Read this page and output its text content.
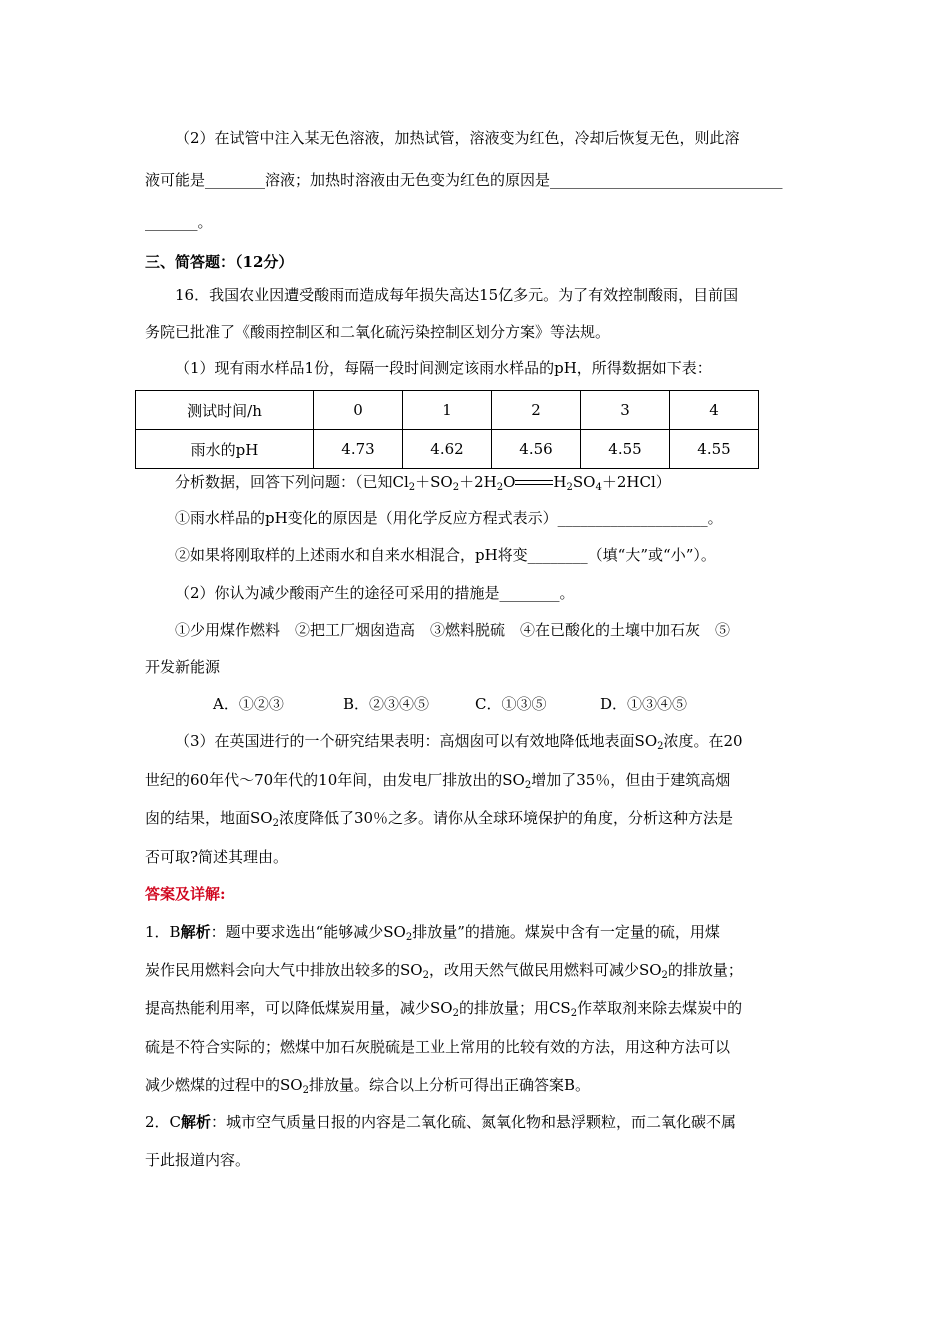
（2）在试管中注入某无色溶液，加热试管，溶液变为红色，冷却后恢复无色，则此溶
液可能是________溶液；加热时溶液由无色变为红色的原因是_______________________________
_______。
三、简答题：（12分）
16．我国农业因遭受酸雨而造成每年损失高达15亿多元。为了有效控制酸雨，目前国
务院已批准了《酸雨控制区和二氧化硫污染控制区划分方案》等法规。
（1）现有雨水样品1份，每隔一段时间测定该雨水样品的pH，所得数据如下表：
测试时间/h	0	1	2	3	4
雨水的pH	4.73	4.62	4.56	4.55	4.55
分析数据，回答下列问题：（已知$Cl_2+SO_2+2H_2O$	$H_2SO_4+2HCl$）
①雨水样品的pH变化的原因是（用化学反应方程式表示）____________________。
②如果将刚取样的上述雨水和自来水相混合，pH将变________（填“大”或“小”）。
（2）你认为减少酸雨产生的途径可采用的措施是________。
①少用煤作燃料　②把工厂烟囱造高　③燃料脱硫　④在已酸化的土壤中加石灰　⑤
开发新能源
A．①②③	B．②③④⑤	C．①③⑤	D．①③④⑤
（3）在英国进行的一个研究结果表明：高烟囱可以有效地降低地表面$SO_2$浓度。在20
世纪的60年代～70年代的10年间，由发电厂排放出的$SO_2$增加了35％，但由于建筑高烟
囱的结果，地面$SO_2$浓度降低了30％之多。请你从全球环境保护的角度，分析这种方法是
否可取?简述其理由。
答案及详解:
1．B解析：题中要求选出“能够减少$SO_2$排放量”的措施。煤炭中含有一定量的硫，用煤
炭作民用燃料会向大气中排放出较多的$SO_2$，改用天然气做民用燃料可减少$SO_2$的排放量；
提高热能利用率，可以降低煤炭用量，减少$SO_2$的排放量；用$CS_2$作萃取剂来除去煤炭中的
硫是不符合实际的；燃煤中加石灰脱硫是工业上常用的比较有效的方法，用这种方法可以
减少燃煤的过程中的$SO_2$排放量。综合以上分析可得出正确答案B。
2．C解析：城市空气质量日报的内容是二氧化硫、氮氧化物和悬浮颗粒，而二氧化碳不属
于此报道内容。
